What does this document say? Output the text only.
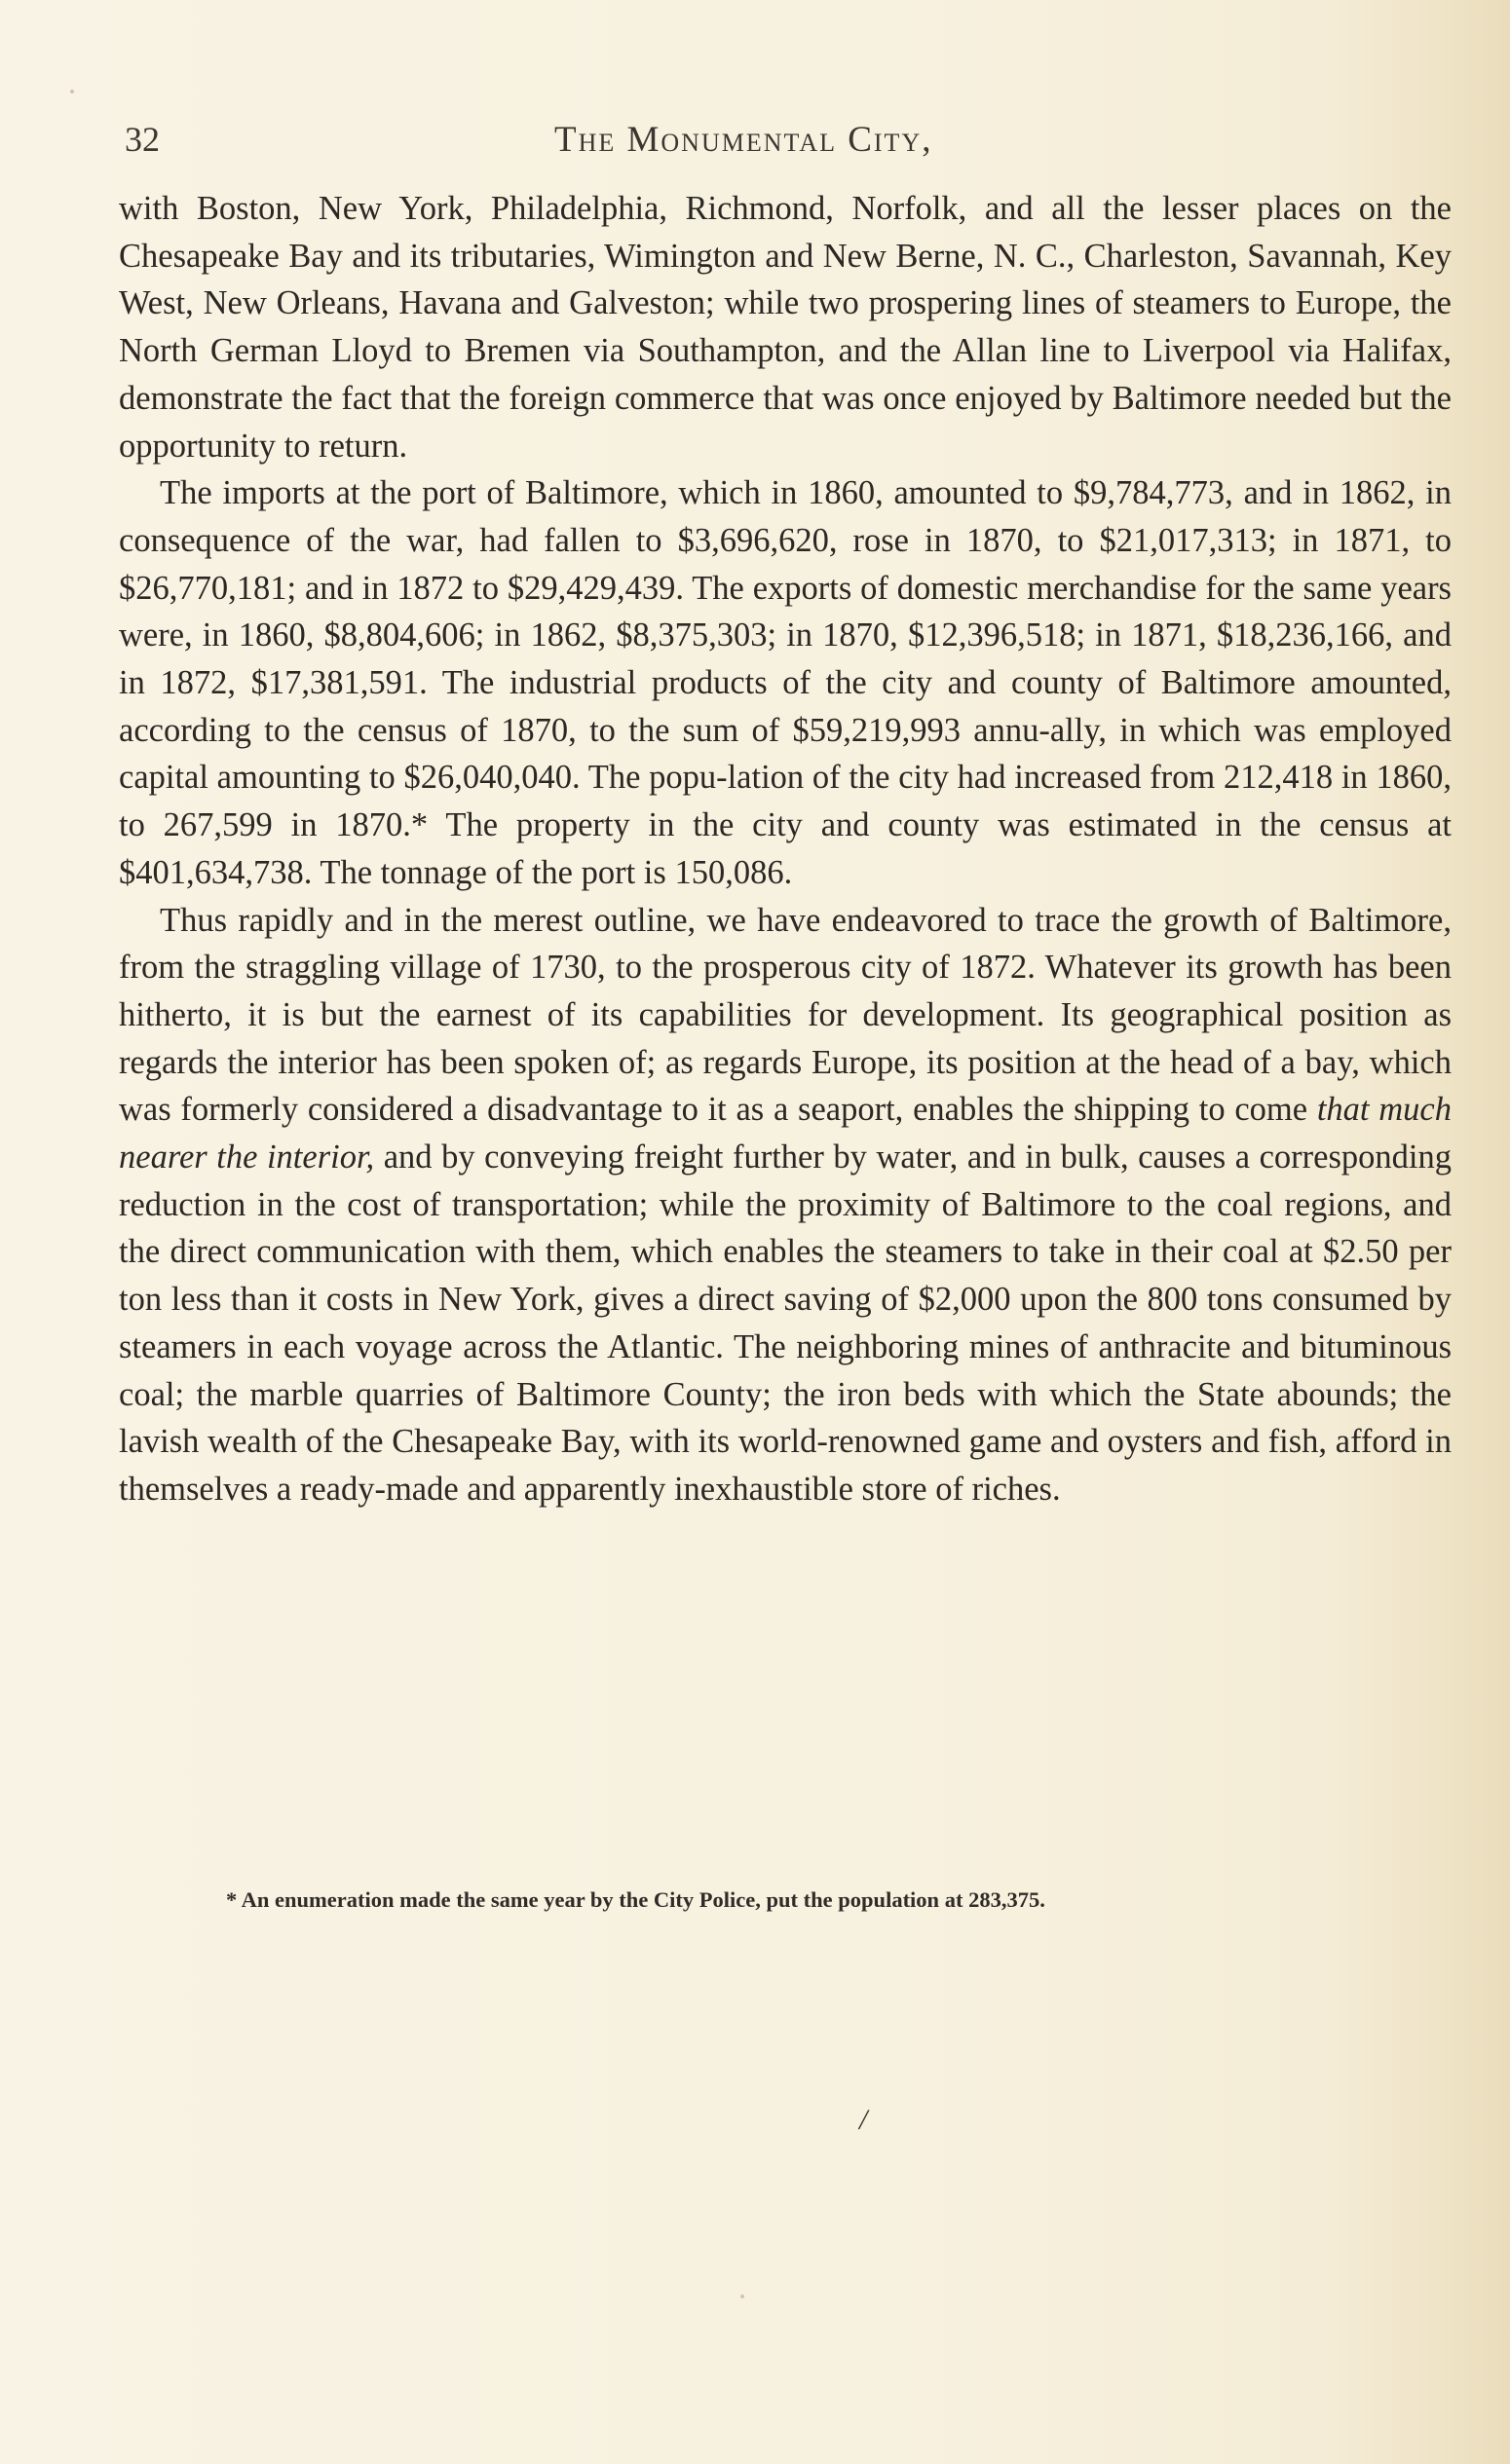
32	The Monumental City,

with Boston, New York, Philadelphia, Richmond, Norfolk, and all the lesser places on the Chesapeake Bay and its tributaries, Wimington and New Berne, N. C., Charleston, Savannah, Key West, New Orleans, Havana and Galveston; while two prospering lines of steamers to Europe, the North German Lloyd to Bremen via Southampton, and the Allan line to Liverpool via Halifax, demonstrate the fact that the foreign commerce that was once enjoyed by Baltimore needed but the opportunity to return.

The imports at the port of Baltimore, which in 1860, amounted to $9,784,773, and in 1862, in consequence of the war, had fallen to $3,696,620, rose in 1870, to $21,017,313; in 1871, to $26,770,181; and in 1872 to $29,429,439. The exports of domestic merchandise for the same years were, in 1860, $8,804,606; in 1862, $8,375,303; in 1870, $12,396,518; in 1871, $18,236,166, and in 1872, $17,381,591. The industrial products of the city and county of Baltimore amounted, according to the census of 1870, to the sum of $59,219,993 annu-ally, in which was employed capital amounting to $26,040,040. The popu-lation of the city had increased from 212,418 in 1860, to 267,599 in 1870.* The property in the city and county was estimated in the census at $401,634,738. The tonnage of the port is 150,086.

Thus rapidly and in the merest outline, we have endeavored to trace the growth of Baltimore, from the straggling village of 1730, to the prosperous city of 1872. Whatever its growth has been hitherto, it is but the earnest of its capabilities for development. Its geographical position as regards the interior has been spoken of; as regards Europe, its position at the head of a bay, which was formerly considered a disadvantage to it as a seaport, enables the shipping to come that much nearer the interior, and by conveying freight further by water, and in bulk, causes a corresponding reduction in the cost of transportation; while the proximity of Baltimore to the coal regions, and the direct communication with them, which enables the steamers to take in their coal at $2.50 per ton less than it costs in New York, gives a direct saving of $2,000 upon the 800 tons consumed by steamers in each voyage across the Atlantic. The neighboring mines of anthracite and bituminous coal; the marble quarries of Baltimore County; the iron beds with which the State abounds; the lavish wealth of the Chesapeake Bay, with its world-renowned game and oysters and fish, afford in themselves a ready-made and apparently inexhaustible store of riches.

* An enumeration made the same year by the City Police, put the population at 283,375.
/
